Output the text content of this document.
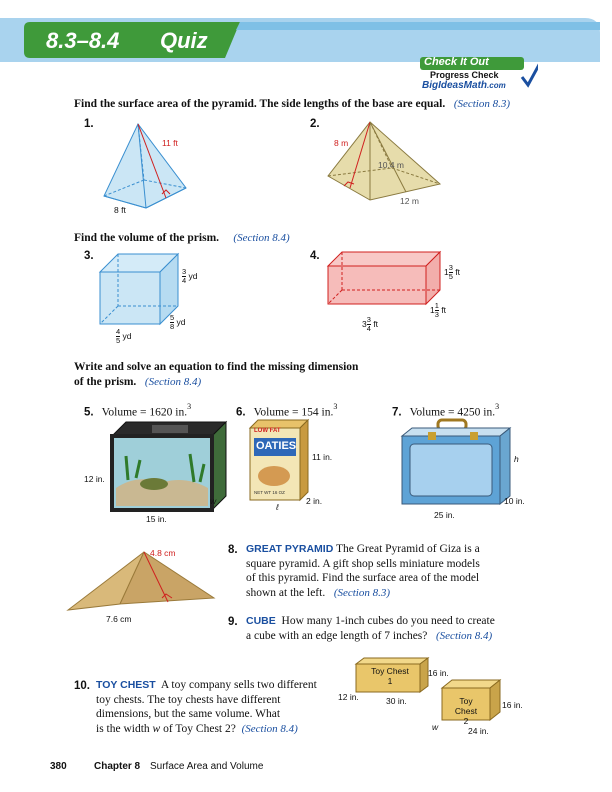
8.3–8.4 Quiz
Check It Out
Progress Check
BigIdeasMath.com
Find the surface area of the pyramid. The side lengths of the base are equal. (Section 8.3)
1.
11 ft
8 ft
2.
8 m
10.4 m
12 m
Find the volume of the prism. (Section 8.4)
3.
$\frac{3}{4}$ yd
$\frac{5}{8}$ yd
$\frac{4}{5}$ yd
4.
$1 \frac{3}{5}$ ft
$1 \frac{1}{3}$ ft
$3 \frac{3}{4}$ ft
Write and solve an equation to find the missing dimension
of the prism. (Section 8.4)
5. Volume = 1620 in.$^3$
12 in.
15 in.
w
6. Volume = 154 in.$^3$
LOW FAT
OATIES
NET WT 16 OZ
11 in.
2 in.
ℓ
7. Volume = 4250 in.$^3$
h
10 in.
25 in.
4.8 cm
7.6 cm
8. GREAT PYRAMID The Great Pyramid of Giza is a
square pyramid. A gift shop sells miniature models
of this pyramid. Find the surface area of the model
shown at the left. (Section 8.3)
9. CUBE How many 1-inch cubes do you need to create
a cube with an edge length of 7 inches? (Section 8.4)
10. TOY CHEST A toy company sells two different
toy chests. The toy chests have different
dimensions, but the same volume. What
is the width w of Toy Chest 2? (Section 8.4)
Toy Chest
1
16 in.
12 in.	30 in.	Toy Chest
2
16 in.
w	24 in.
380	Chapter 8 Surface Area and Volume
